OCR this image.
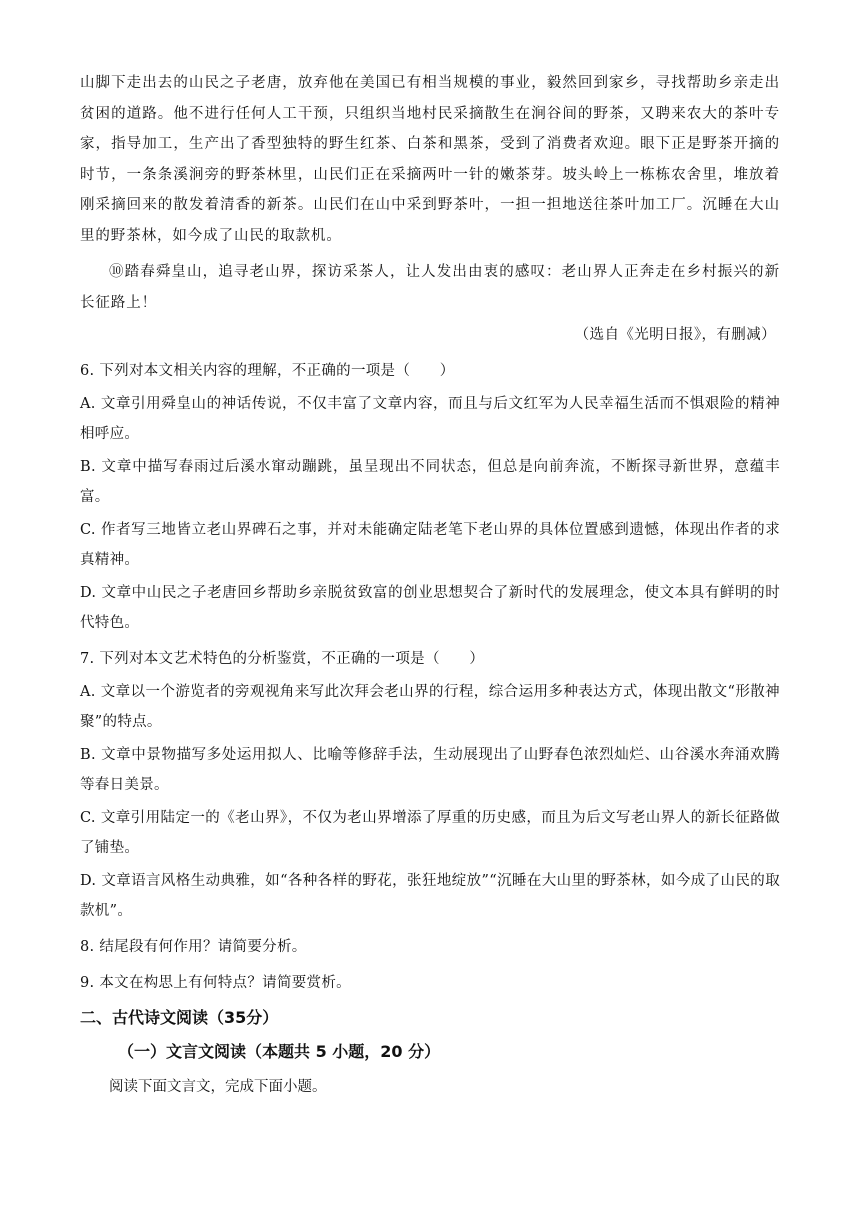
山脚下走出去的山民之子老唐，放弃他在美国已有相当规模的事业，毅然回到家乡，寻找帮助乡亲走出贫困的道路。他不进行任何人工干预，只组织当地村民采摘散生在涧谷间的野茶，又聘来农大的茶叶专家，指导加工，生产出了香型独特的野生红茶、白茶和黑茶，受到了消费者欢迎。眼下正是野茶开摘的时节，一条条溪涧旁的野茶林里，山民们正在采摘两叶一针的嫩茶芽。坡头岭上一栋栋农舍里，堆放着刚采摘回来的散发着清香的新茶。山民们在山中采到野茶叶，一担一担地送往茶叶加工厂。沉睡在大山里的野茶林，如今成了山民的取款机。

⑩踏春舜皇山，追寻老山界，探访采茶人，让人发出由衷的感叹：老山界人正奔走在乡村振兴的新长征路上！

（选自《光明日报》，有删减）

6. 下列对本文相关内容的理解，不正确的一项是（　　）

A. 文章引用舜皇山的神话传说，不仅丰富了文章内容，而且与后文红军为人民幸福生活而不惧艰险的精神相呼应。

B. 文章中描写春雨过后溪水窜动蹦跳，虽呈现出不同状态，但总是向前奔流，不断探寻新世界，意蕴丰富。

C. 作者写三地皆立老山界碑石之事，并对未能确定陆老笔下老山界的具体位置感到遗憾，体现出作者的求真精神。

D. 文章中山民之子老唐回乡帮助乡亲脱贫致富的创业思想契合了新时代的发展理念，使文本具有鲜明的时代特色。

7. 下列对本文艺术特色的分析鉴赏，不正确的一项是（　　）

A. 文章以一个游览者的旁观视角来写此次拜会老山界的行程，综合运用多种表达方式，体现出散文“形散神聚”的特点。

B. 文章中景物描写多处运用拟人、比喻等修辞手法，生动展现出了山野春色浓烈灿烂、山谷溪水奔涌欢腾等春日美景。

C. 文章引用陆定一的《老山界》，不仅为老山界增添了厚重的历史感，而且为后文写老山界人的新长征路做了铺垫。

D. 文章语言风格生动典雅，如“各种各样的野花，张狂地绽放”“沉睡在大山里的野茶林，如今成了山民的取款机”。

8. 结尾段有何作用？请简要分析。

9. 本文在构思上有何特点？请简要赏析。

二、古代诗文阅读（35分）

（一）文言文阅读（本题共 5 小题，20 分）

阅读下面文言文，完成下面小题。
